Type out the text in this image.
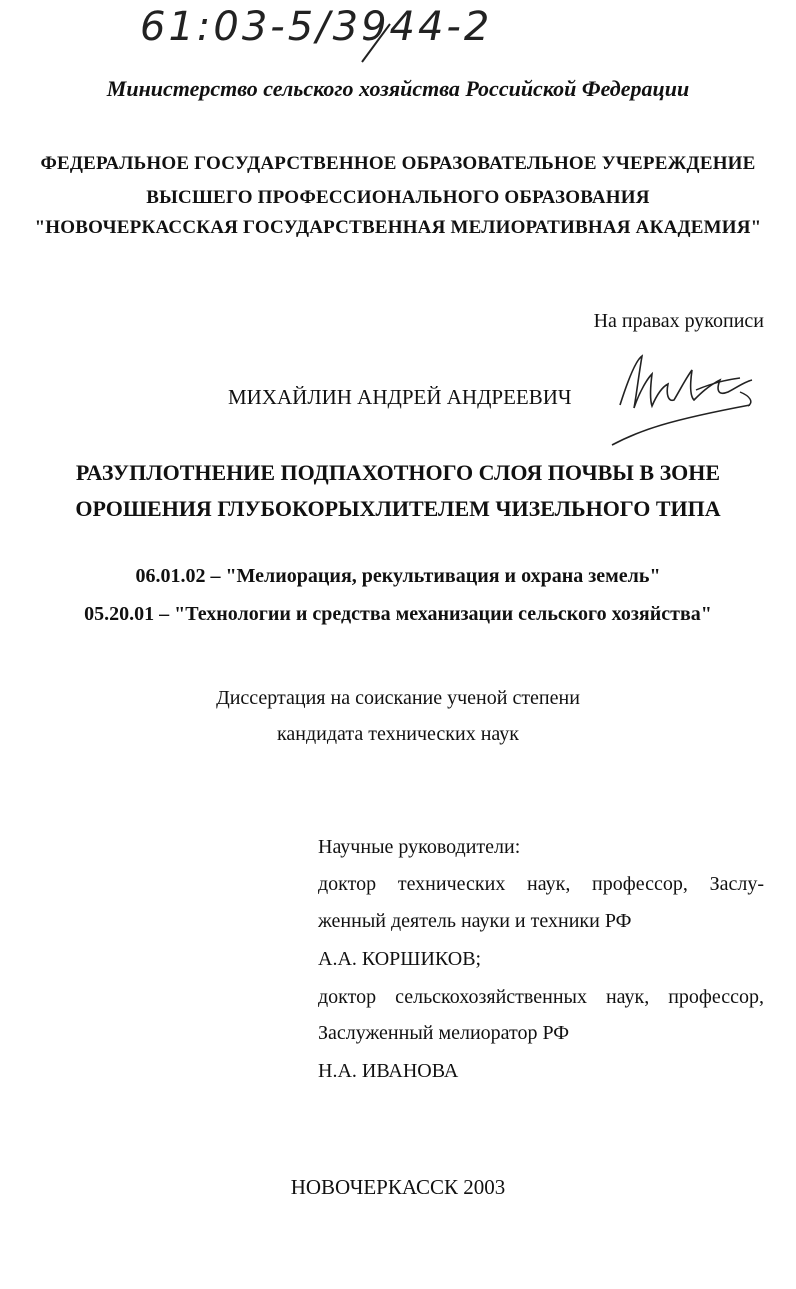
61:03-5/3944-2

Министерство сельского хозяйства Российской Федерации

ФЕДЕРАЛЬНОЕ ГОСУДАРСТВЕННОЕ ОБРАЗОВАТЕЛЬНОЕ УЧЕРЕЖДЕНИЕ

ВЫСШЕГО ПРОФЕССИОНАЛЬНОГО ОБРАЗОВАНИЯ

"НОВОЧЕРКАССКАЯ ГОСУДАРСТВЕННАЯ МЕЛИОРАТИВНАЯ АКАДЕМИЯ"

На правах рукописи

МИХАЙЛИН АНДРЕЙ АНДРЕЕВИЧ

РАЗУПЛОТНЕНИЕ ПОДПАХОТНОГО СЛОЯ ПОЧВЫ В ЗОНЕ

ОРОШЕНИЯ ГЛУБОКОРЫХЛИТЕЛЕМ ЧИЗЕЛЬНОГО ТИПА

06.01.02 – "Мелиорация, рекультивация и охрана земель"

05.20.01 – "Технологии и средства механизации сельского хозяйства"

Диссертация на соискание ученой степени

кандидата технических наук

Научные руководители:

доктор технических наук, профессор, Заслу-

женный деятель науки и техники РФ

А.А. КОРШИКОВ;

доктор сельскохозяйственных наук, профессор,

Заслуженный мелиоратор РФ

Н.А. ИВАНОВА

НОВОЧЕРКАССК 2003
